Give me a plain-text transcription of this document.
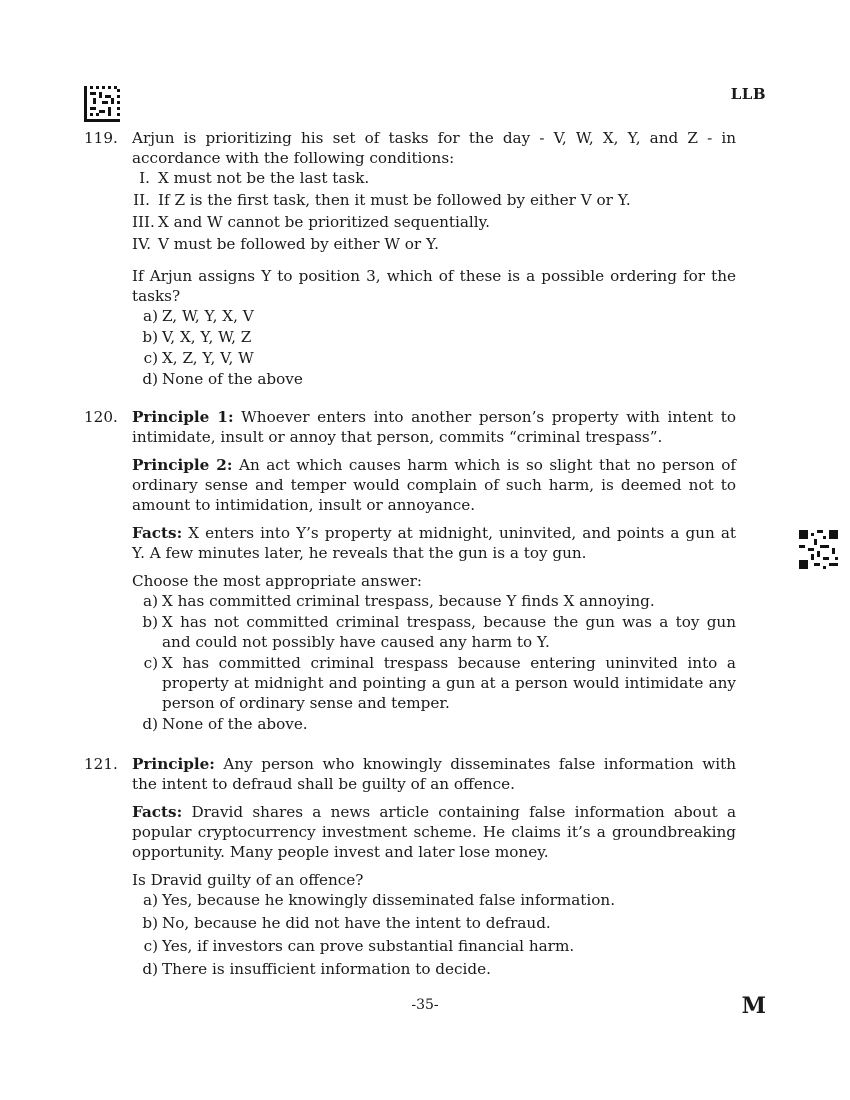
LLB
119. Arjun is prioritizing his set of tasks for the day - V, W, X, Y, and Z - in accordance with the following conditions:

I. X must not be the last task.
II. If Z is the first task, then it must be followed by either V or Y.
III. X and W cannot be prioritized sequentially.
IV. V must be followed by either W or Y.

If Arjun assigns Y to position 3, which of these is a possible ordering for the tasks?

a) Z, W, Y, X, V
b) V, X, Y, W, Z
c) X, Z, Y, V, W
d) None of the above
120. Principle 1: Whoever enters into another person’s property with intent to intimidate, insult or annoy that person, commits “criminal trespass”.

Principle 2: An act which causes harm which is so slight that no person of ordinary sense and temper would complain of such harm, is deemed not to amount to intimidation, insult or annoyance.

Facts: X enters into Y’s property at midnight, uninvited, and points a gun at Y. A few minutes later, he reveals that the gun is a toy gun.

Choose the most appropriate answer:

a) X has committed criminal trespass, because Y finds X annoying.
b) X has not committed criminal trespass, because the gun was a toy gun and could not possibly have caused any harm to Y.
c) X has committed criminal trespass because entering uninvited into a property at midnight and pointing a gun at a person would intimidate any person of ordinary sense and temper.
d) None of the above.
121. Principle: Any person who knowingly disseminates false information with the intent to defraud shall be guilty of an offence.

Facts: Dravid shares a news article containing false information about a popular cryptocurrency investment scheme. He claims it’s a groundbreaking opportunity. Many people invest and later lose money.

Is Dravid guilty of an offence?

a) Yes, because he knowingly disseminated false information.
b) No, because he did not have the intent to defraud.
c) Yes, if investors can prove substantial financial harm.
d) There is insufficient information to decide.
-35-	M
